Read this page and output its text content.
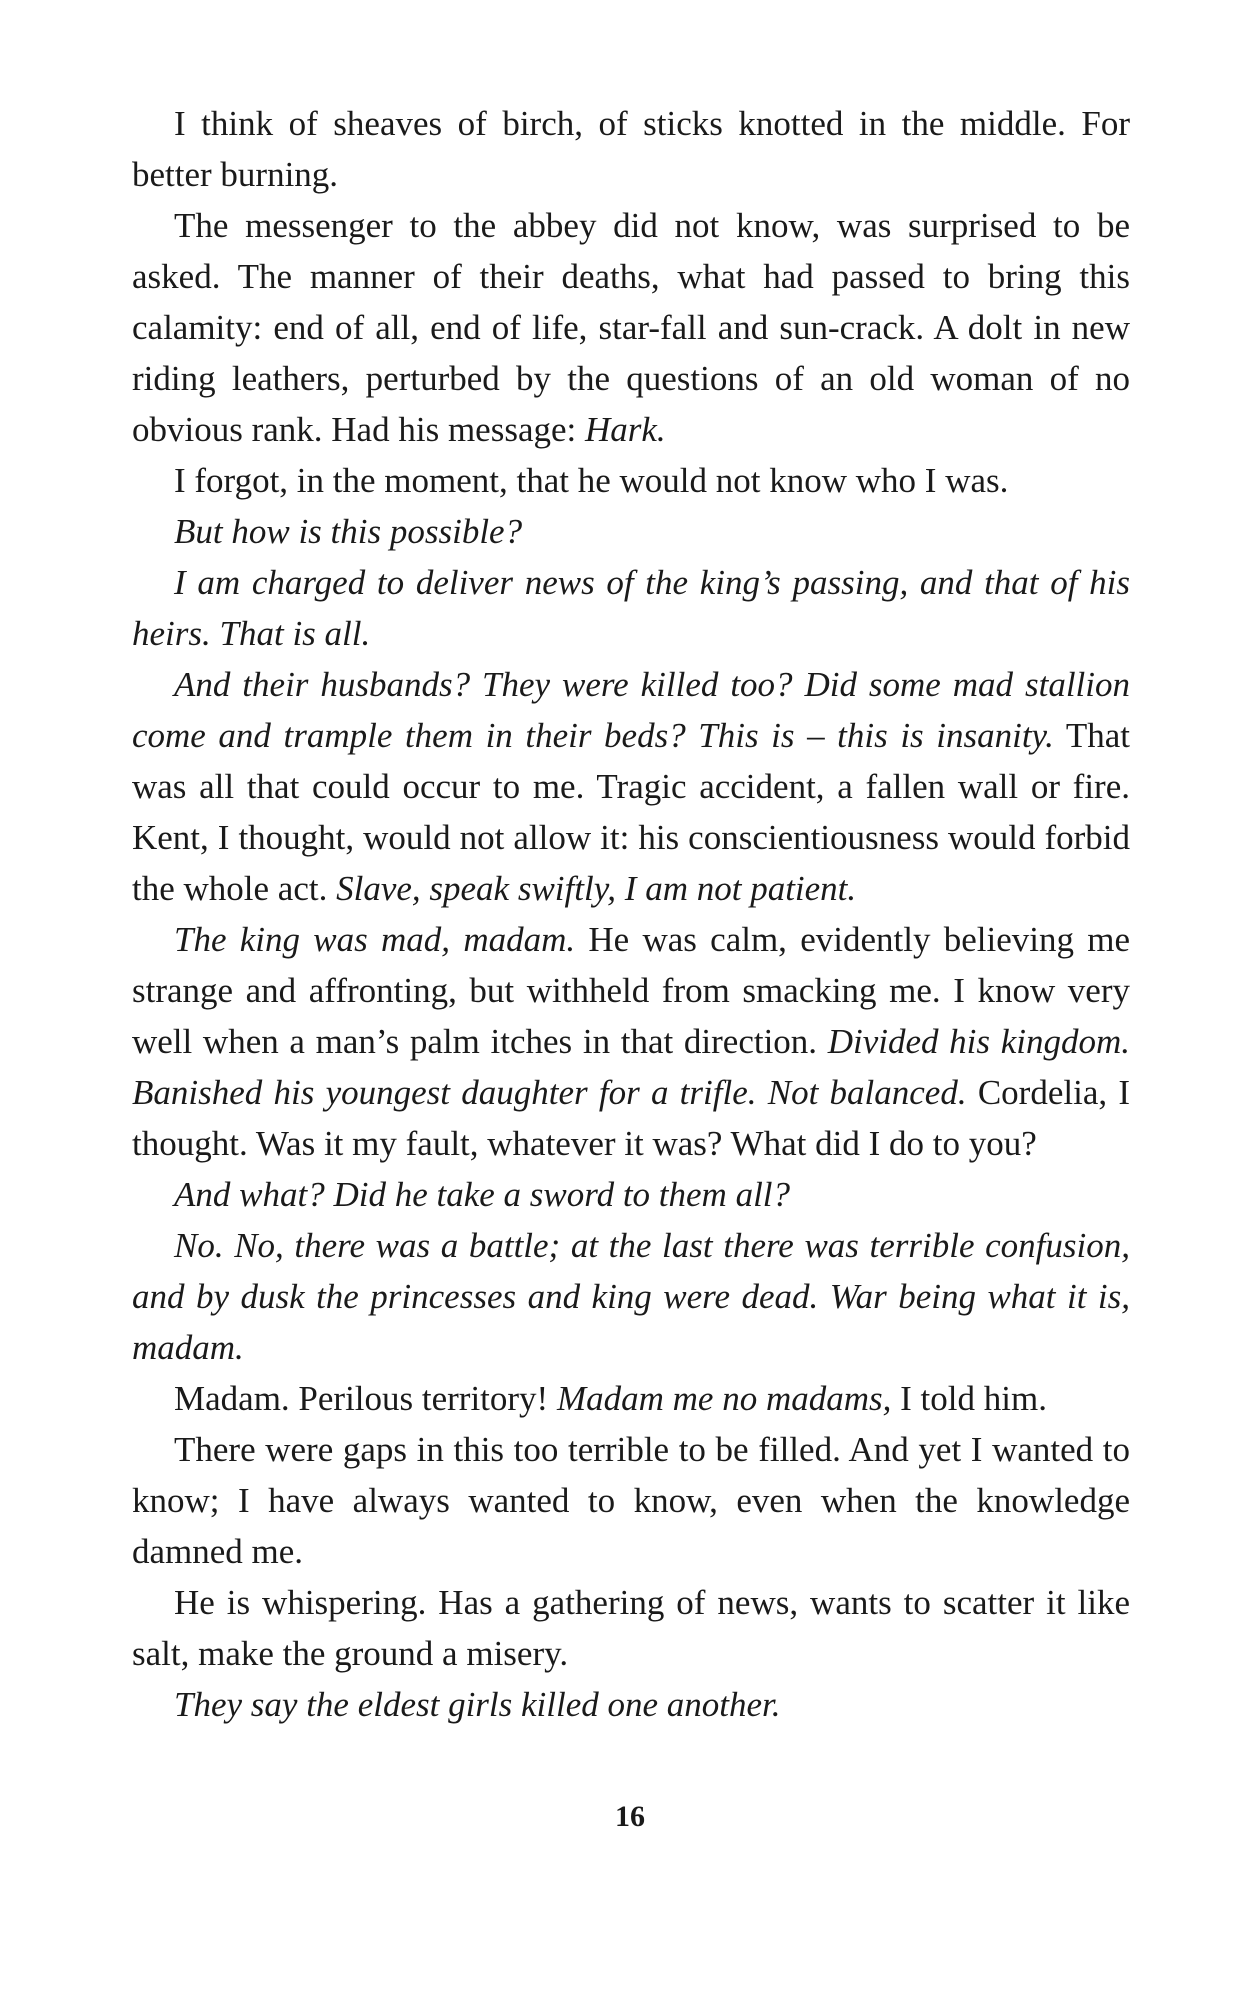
I think of sheaves of birch, of sticks knotted in the middle. For better burning.

The messenger to the abbey did not know, was surprised to be asked. The manner of their deaths, what had passed to bring this calamity: end of all, end of life, star-fall and sun-crack. A dolt in new riding leathers, perturbed by the questions of an old woman of no obvious rank. Had his message: Hark.

I forgot, in the moment, that he would not know who I was.

But how is this possible?

I am charged to deliver news of the king’s passing, and that of his heirs. That is all.

And their husbands? They were killed too? Did some mad stallion come and trample them in their beds? This is – this is insanity. That was all that could occur to me. Tragic accident, a fallen wall or fire. Kent, I thought, would not allow it: his conscientiousness would forbid the whole act. Slave, speak swiftly, I am not patient.

The king was mad, madam. He was calm, evidently believing me strange and affronting, but withheld from smacking me. I know very well when a man’s palm itches in that direction. Divided his kingdom. Banished his youngest daughter for a trifle. Not balanced. Cordelia, I thought. Was it my fault, whatever it was? What did I do to you?

And what? Did he take a sword to them all?

No. No, there was a battle; at the last there was terrible confusion, and by dusk the princesses and king were dead. War being what it is, madam.

Madam. Perilous territory! Madam me no madams, I told him.

There were gaps in this too terrible to be filled. And yet I wanted to know; I have always wanted to know, even when the knowledge damned me.

He is whispering. Has a gathering of news, wants to scatter it like salt, make the ground a misery.

They say the eldest girls killed one another.

16
